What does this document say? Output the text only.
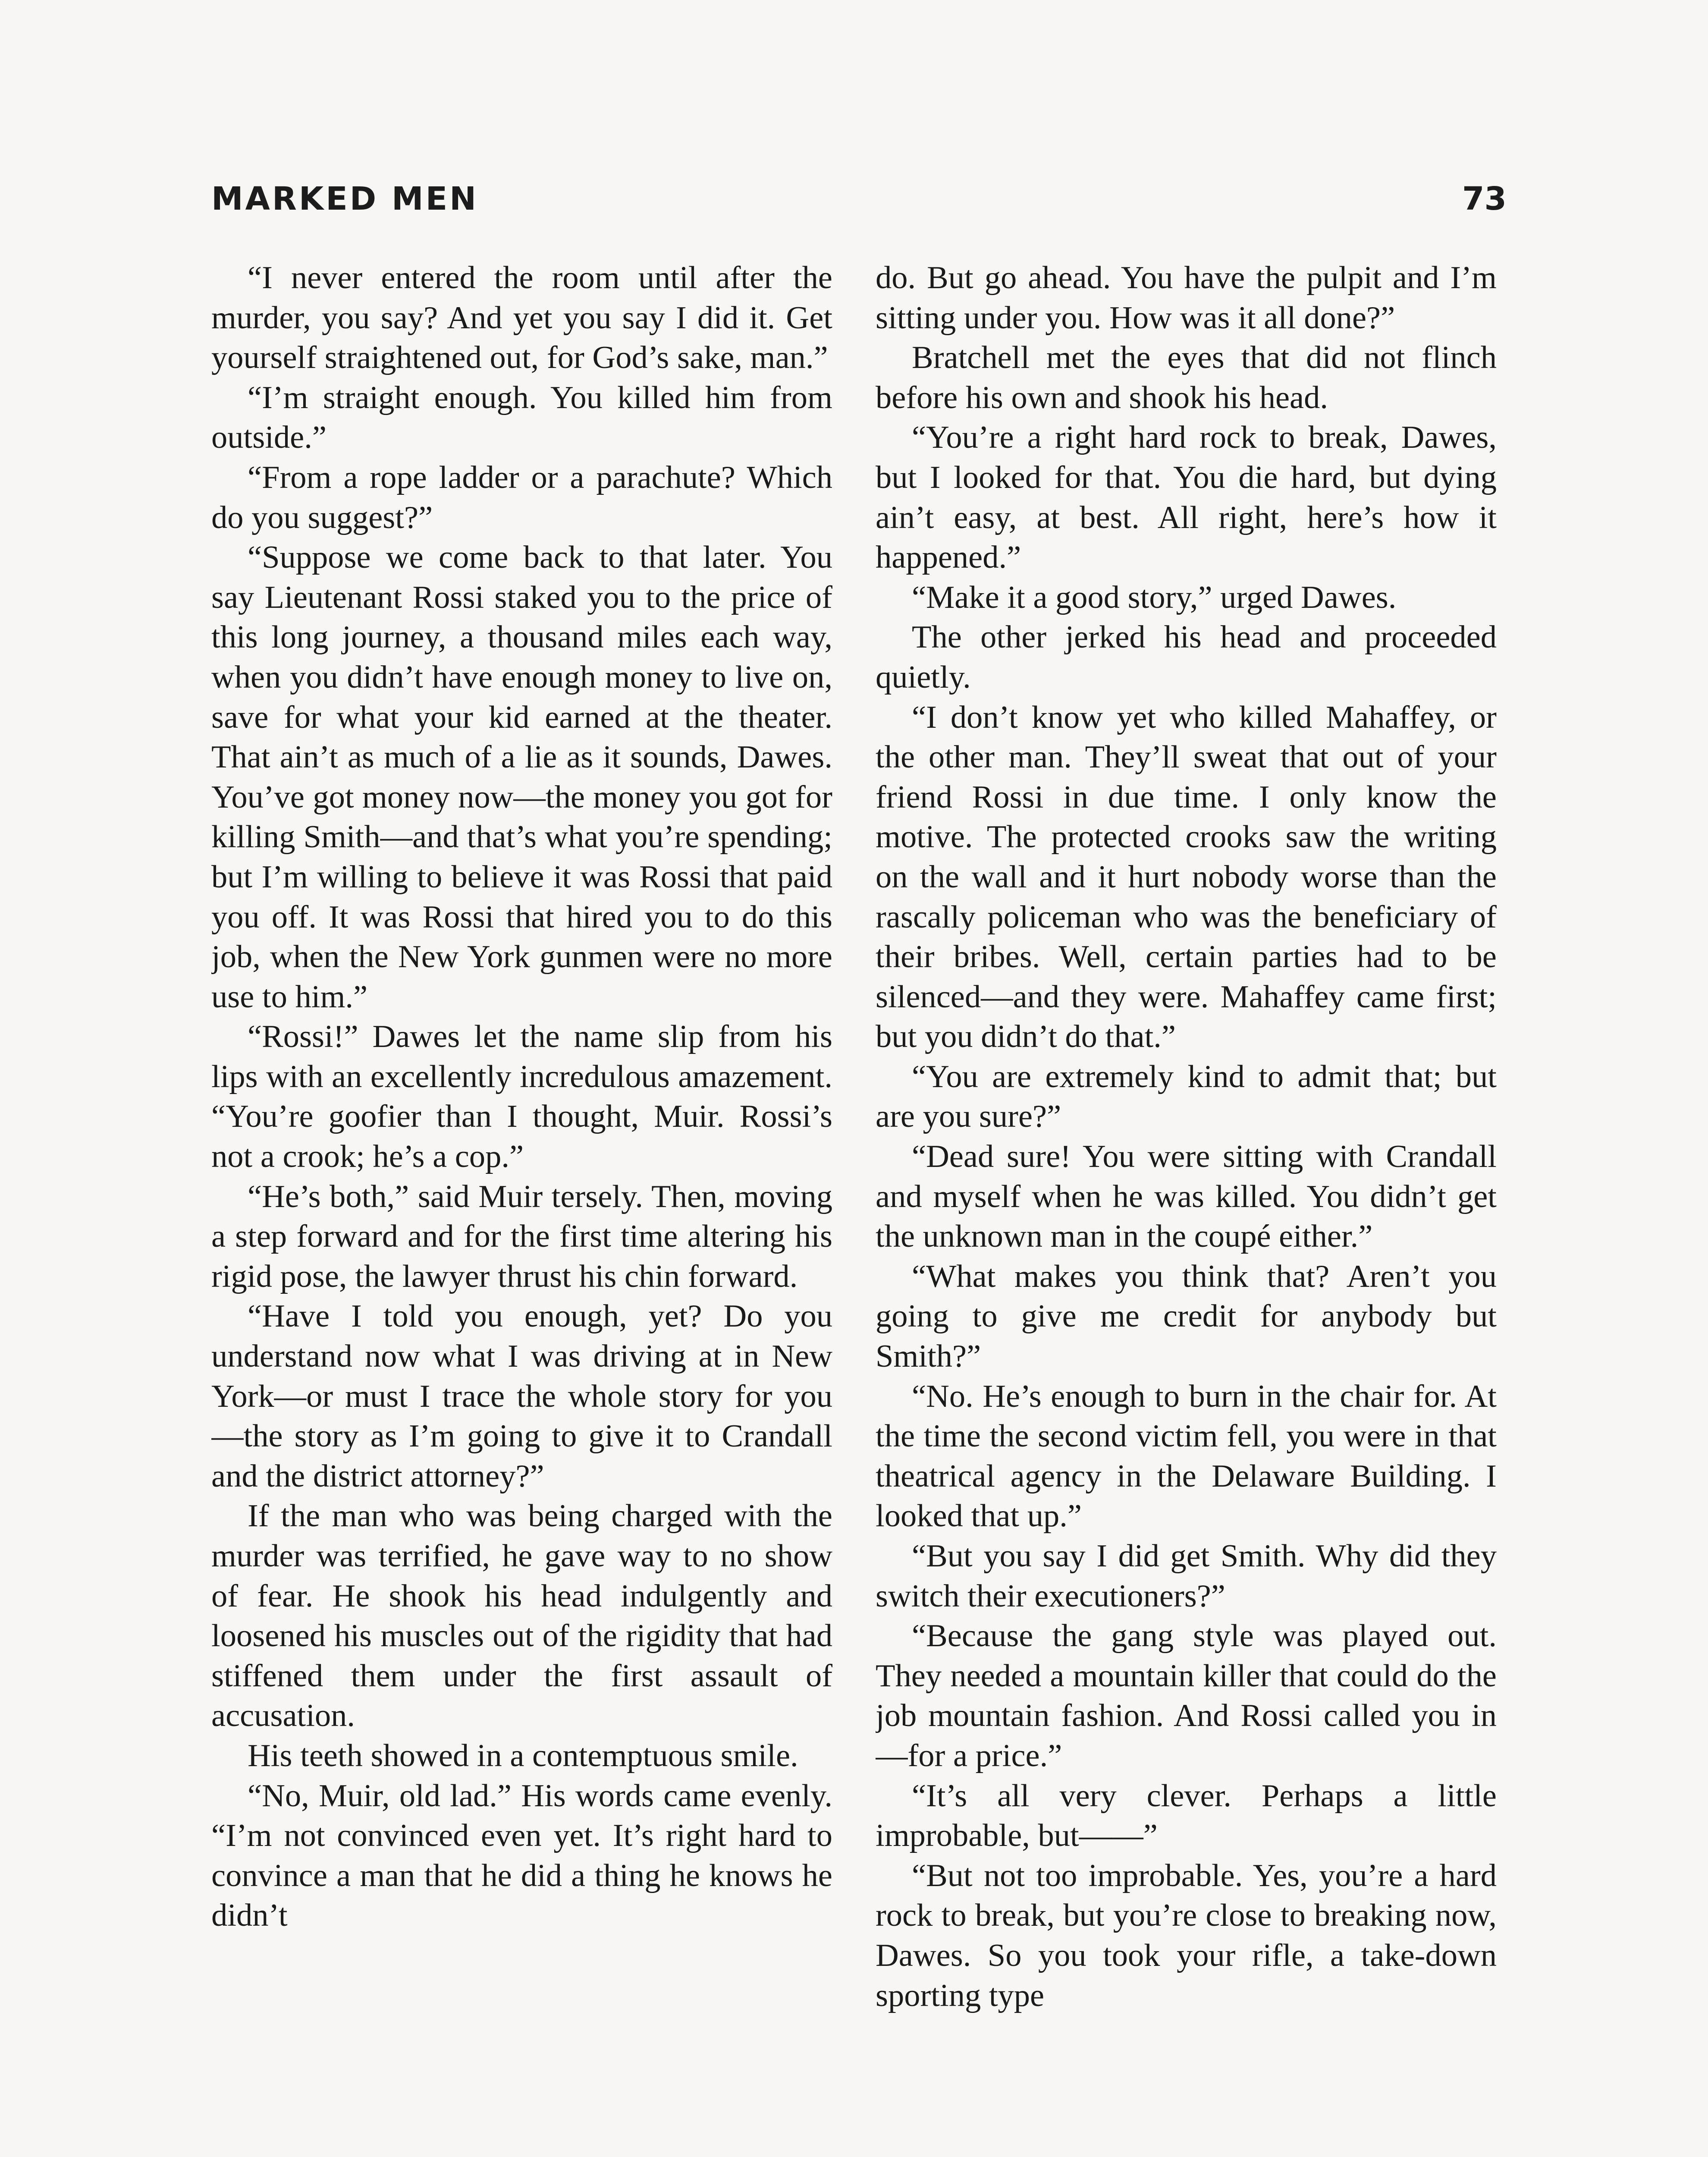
MARKED MEN	73

“I never entered the room until after the murder, you say? And yet you say I did it. Get yourself straightened out, for God’s sake, man.”

“I’m straight enough. You killed him from outside.”

“From a rope ladder or a parachute? Which do you suggest?”

“Suppose we come back to that later. You say Lieutenant Rossi staked you to the price of this long journey, a thousand miles each way, when you didn’t have enough money to live on, save for what your kid earned at the theater. That ain’t as much of a lie as it sounds, Dawes. You’ve got money now—the money you got for killing Smith—and that’s what you’re spending; but I’m willing to believe it was Rossi that paid you off. It was Rossi that hired you to do this job, when the New York gunmen were no more use to him.”

“Rossi!” Dawes let the name slip from his lips with an excellently incredulous amazement. “You’re goofier than I thought, Muir. Rossi’s not a crook; he’s a cop.”

“He’s both,” said Muir tersely. Then, moving a step forward and for the first time altering his rigid pose, the lawyer thrust his chin forward.

“Have I told you enough, yet? Do you understand now what I was driving at in New York—or must I trace the whole story for you—the story as I’m going to give it to Crandall and the district attorney?”

If the man who was being charged with the murder was terrified, he gave way to no show of fear. He shook his head indulgently and loosened his muscles out of the rigidity that had stiffened them under the first assault of accusation.

His teeth showed in a contemptuous smile.

“No, Muir, old lad.” His words came evenly. “I’m not convinced even yet. It’s right hard to convince a man that he did a thing he knows he didn’t

do. But go ahead. You have the pulpit and I’m sitting under you. How was it all done?”

Bratchell met the eyes that did not flinch before his own and shook his head.

“You’re a right hard rock to break, Dawes, but I looked for that. You die hard, but dying ain’t easy, at best. All right, here’s how it happened.”

“Make it a good story,” urged Dawes.

The other jerked his head and proceeded quietly.

“I don’t know yet who killed Mahaffey, or the other man. They’ll sweat that out of your friend Rossi in due time. I only know the motive. The protected crooks saw the writing on the wall and it hurt nobody worse than the rascally policeman who was the beneficiary of their bribes. Well, certain parties had to be silenced—and they were. Mahaffey came first; but you didn’t do that.”

“You are extremely kind to admit that; but are you sure?”

“Dead sure! You were sitting with Crandall and myself when he was killed. You didn’t get the unknown man in the coupé either.”

“What makes you think that? Aren’t you going to give me credit for anybody but Smith?”

“No. He’s enough to burn in the chair for. At the time the second victim fell, you were in that theatrical agency in the Delaware Building. I looked that up.”

“But you say I did get Smith. Why did they switch their executioners?”

“Because the gang style was played out. They needed a mountain killer that could do the job mountain fashion. And Rossi called you in—for a price.”

“It’s all very clever. Perhaps a little improbable, but——”

“But not too improbable. Yes, you’re a hard rock to break, but you’re close to breaking now, Dawes. So you took your rifle, a take-down sporting type
